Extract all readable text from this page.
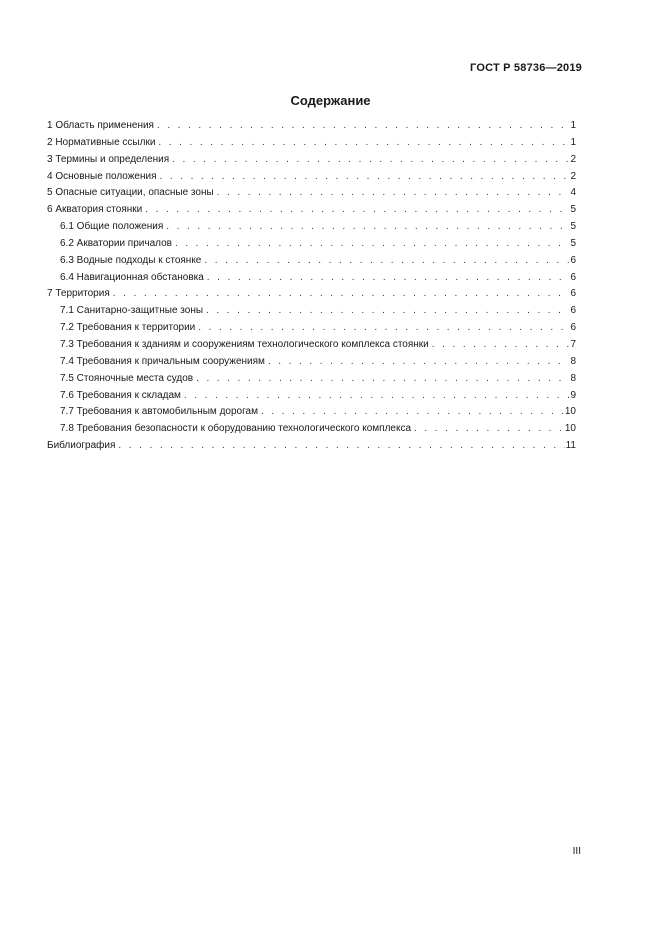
ГОСТ Р 58736—2019
Содержание
1 Область применения . . .	1
2 Нормативные ссылки . . .	1
3 Термины и определения . . .	2
4 Основные положения . . .	2
5 Опасные ситуации, опасные зоны . . .	4
6 Акватория стоянки . . .	5
6.1 Общие положения . . .	5
6.2 Акватории причалов . . .	5
6.3 Водные подходы к стоянке . . .	6
6.4 Навигационная обстановка . . .	6
7 Территория . . .	6
7.1 Санитарно-защитные зоны . . .	6
7.2 Требования к территории . . .	6
7.3 Требования к зданиям и сооружениям технологического комплекса стоянки . . .	7
7.4 Требования к причальным сооружениям . . .	8
7.5 Стояночные места судов . . .	8
7.6 Требования к складам . . .	9
7.7 Требования к автомобильным дорогам . . .	10
7.8 Требования безопасности к оборудованию технологического комплекса . . .	10
Библиография . . .	11
III
